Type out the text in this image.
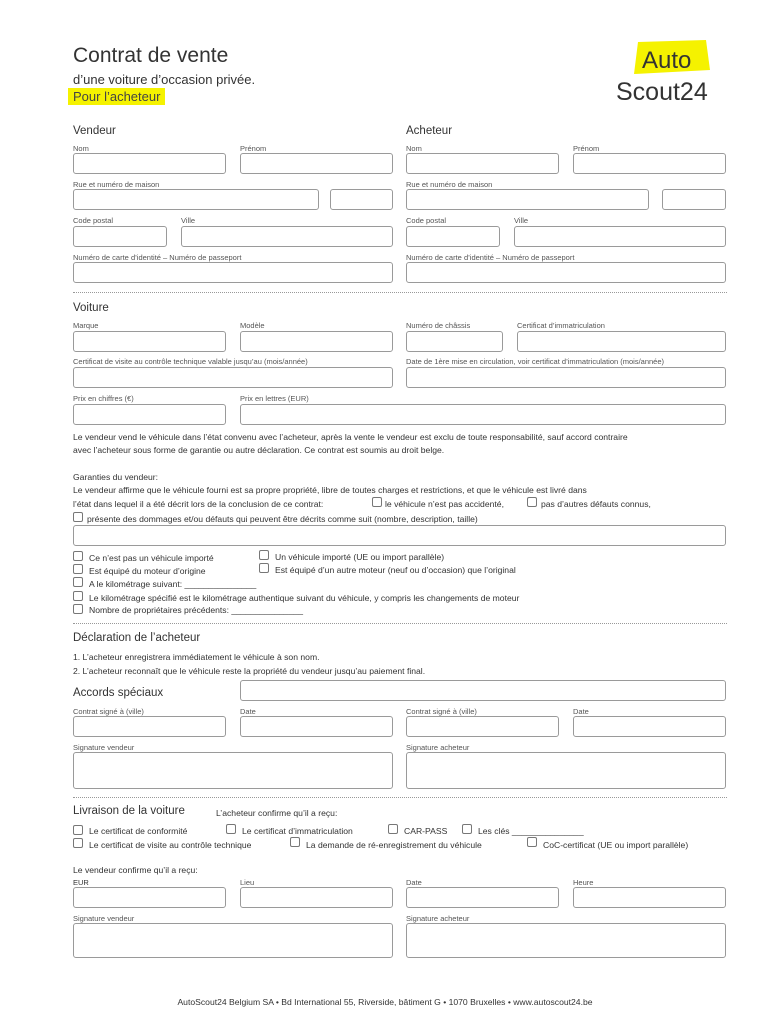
Contrat de vente
d’une voiture d’occasion privée.
Pour l’acheteur
Auto
Scout24
Vendeur	Acheteur
Nom	Prénom	Nom	Prénom
Rue et numéro de maison	Rue et numéro de maison
Code postal	Ville	Code postal	Ville
Numéro de carte d’identité – Numéro de passeport	Numéro de carte d’identité – Numéro de passeport
Voiture
Marque	Modèle	Numéro de châssis	Certificat d’immatriculation
Certificat de visite au contrôle technique valable jusqu’au (mois/année)	Date de 1ère mise en circulation, voir certificat d’immatriculation (mois/année)
Prix en chiffres (€)	Prix en lettres (EUR)
Le vendeur vend le véhicule dans l’état convenu avec l’acheteur, après la vente le vendeur est exclu de toute responsabilité, sauf accord contraire
avec l’acheteur sous forme de garantie ou autre déclaration. Ce contrat est soumis au droit belge.
Garanties du vendeur:
Le vendeur affirme que le véhicule fourni est sa propre propriété, libre de toutes charges et restrictions, et que le véhicule est livré dans
l’état dans lequel il a été décrit lors de la conclusion de ce contrat:	le véhicule n’est pas accidenté,	pas d’autres défauts connus,
présente des dommages et/ou défauts qui peuvent être décrits comme suit (nombre, description, taille)
Ce n’est pas un véhicule importé	Un véhicule importé (UE ou import parallèle)
Est équipé du moteur d’origine	Est équipé d’un autre moteur (neuf ou d’occasion) que l’original
A le kilométrage suivant: _______________
Le kilométrage spécifié est le kilométrage authentique suivant du véhicule, y compris les changements de moteur
Nombre de propriétaires précédents: _______________
Déclaration de l’acheteur
1. L’acheteur enregistrera immédiatement le véhicule à son nom.
2. L’acheteur reconnaît que le véhicule reste la propriété du vendeur jusqu’au paiement final.
Accords spéciaux
Contrat signé à (ville)	Date	Contrat signé à (ville)	Date
Signature vendeur	Signature acheteur
Livraison de la voiture	L’acheteur confirme qu’il a reçu:
Le certificat de conformité	Le certificat d’immatriculation	CAR-PASS	Les clés _______________
Le certificat de visite au contrôle technique	La demande de ré-enregistrement du véhicule	CoC-certificat (UE ou import parallèle)
Le vendeur confirme qu’il a reçu:
EUR	Lieu	Date	Heure
Signature vendeur	Signature acheteur
AutoScout24 Belgium SA • Bd International 55, Riverside, bâtiment G • 1070 Bruxelles • www.autoscout24.be
